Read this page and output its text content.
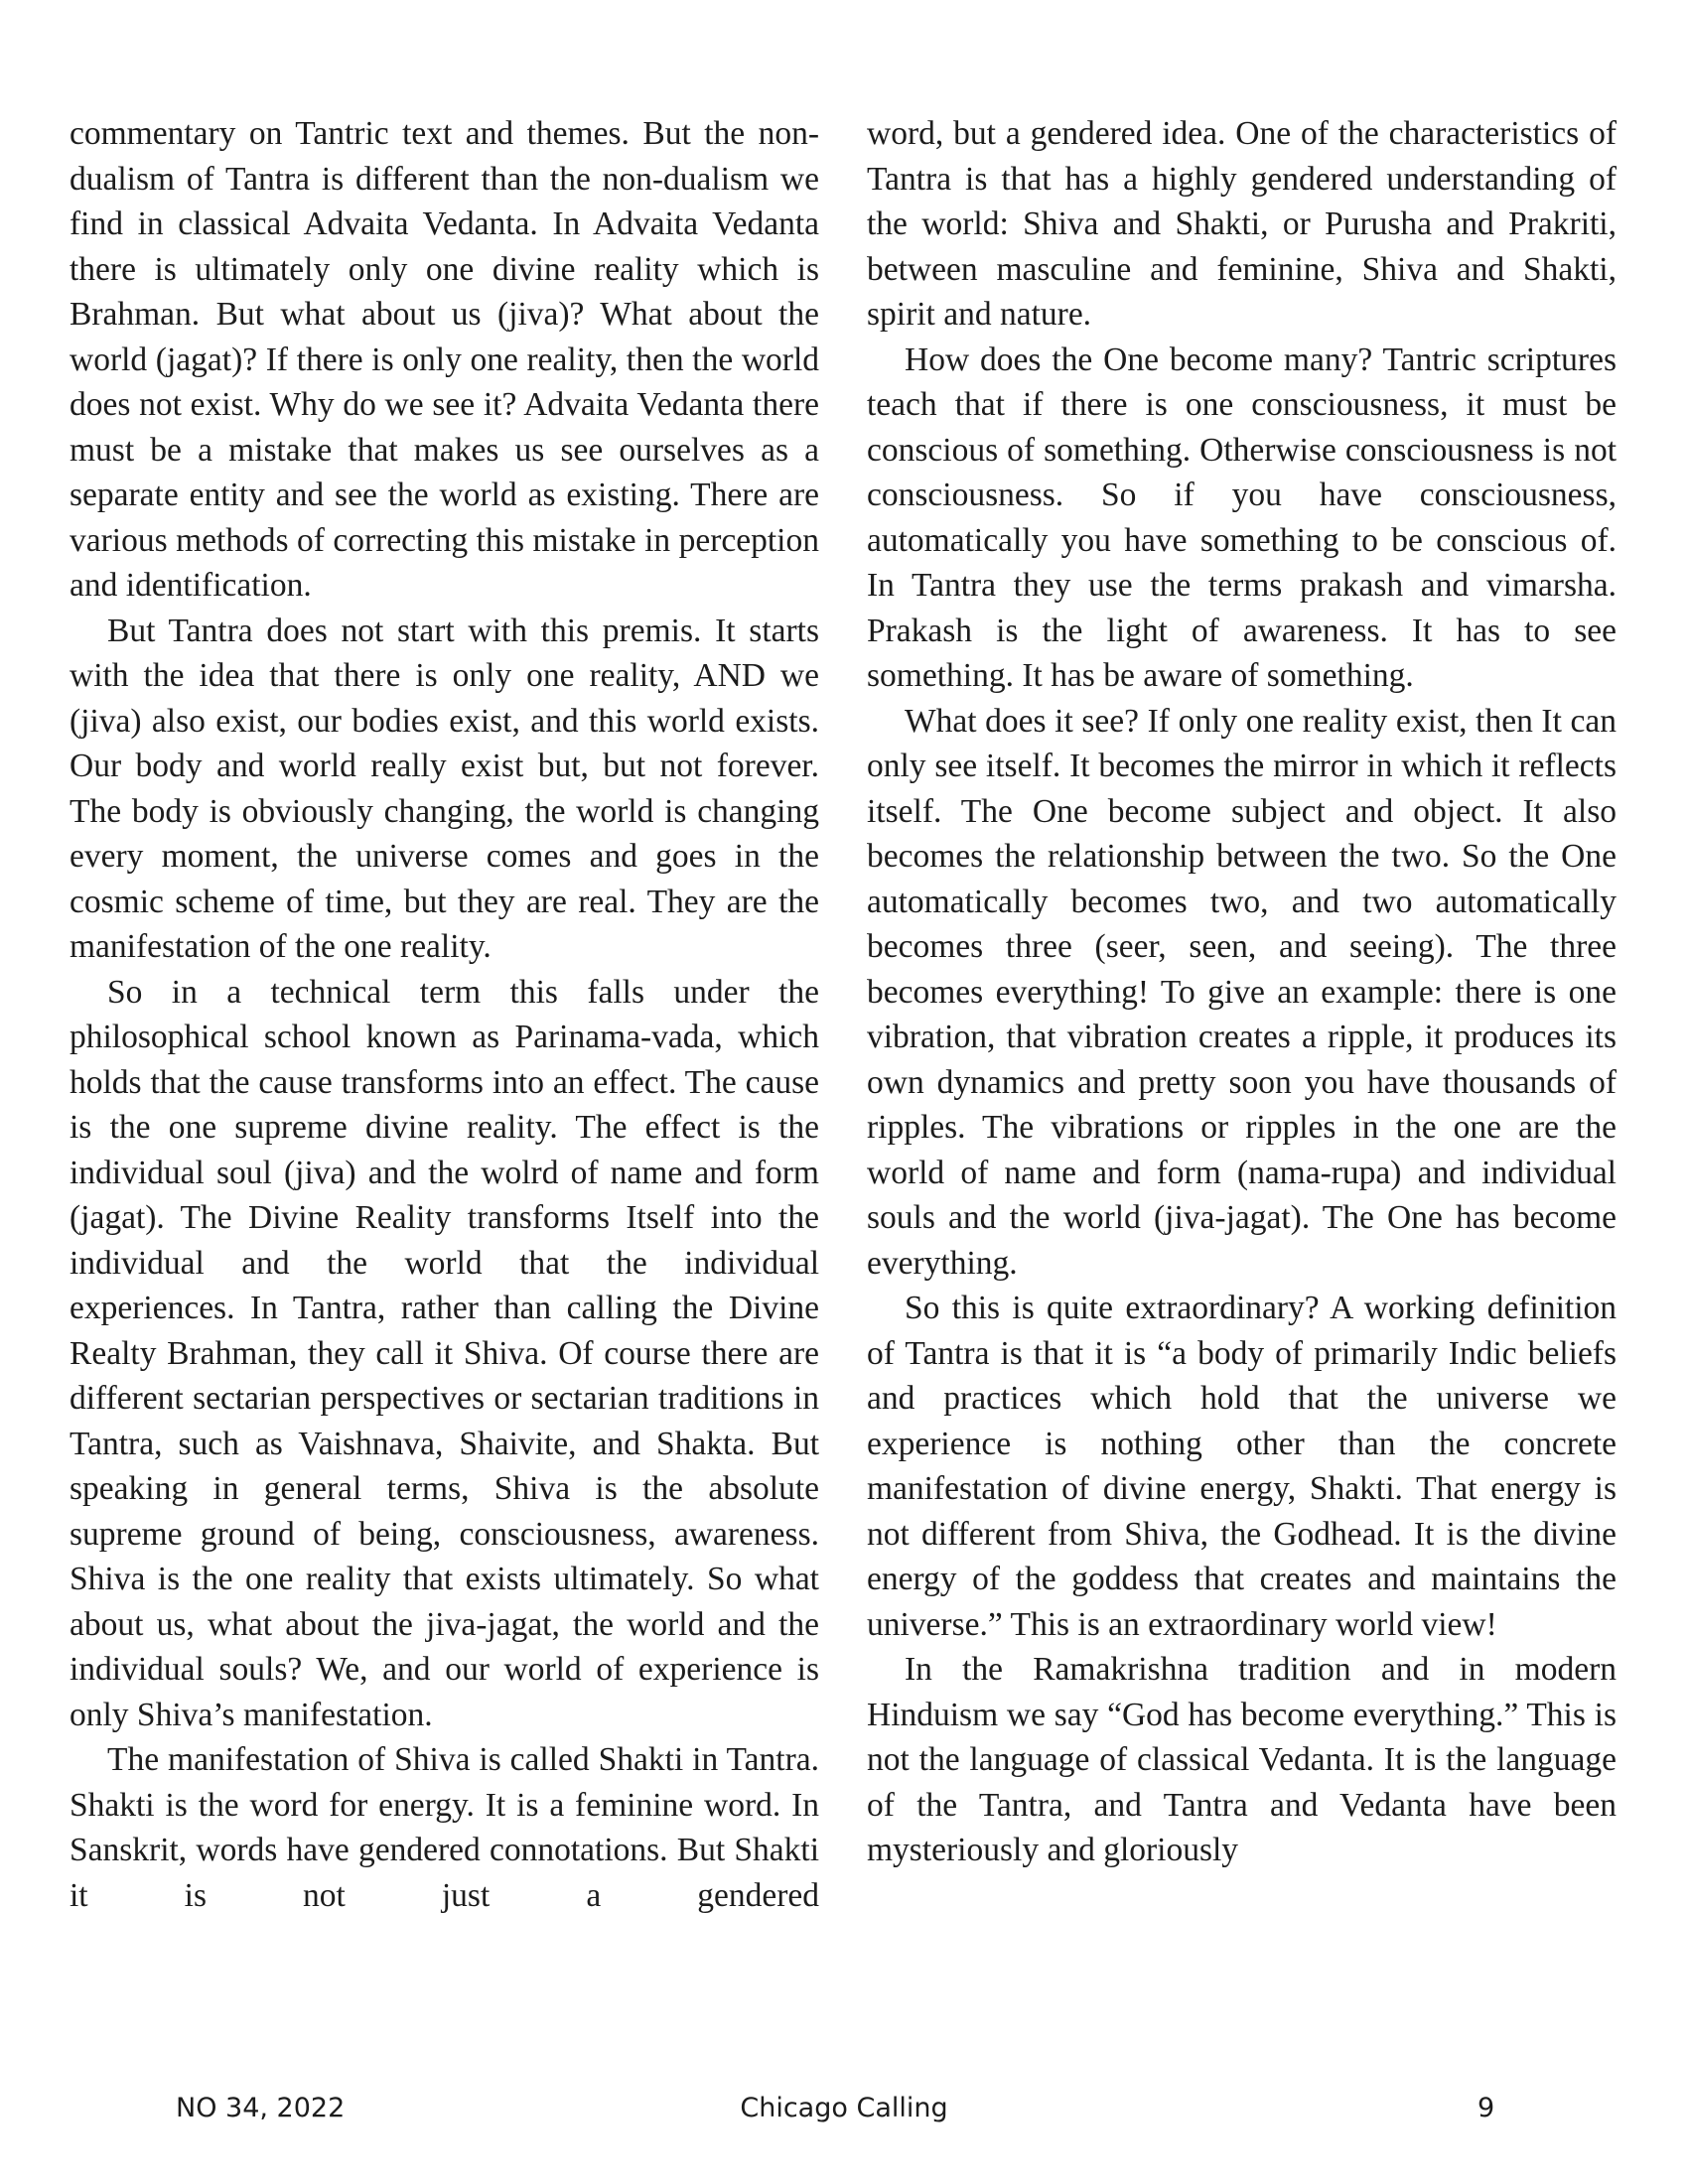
commentary on Tantric text and themes. But the non-dualism of Tantra is different than the non-dualism we find in classical Advaita Vedanta. In Advaita Vedanta there is ultimately only one divine reality which is Brahman. But what about us (jiva)? What about the world (jagat)? If there is only one reality, then the world does not exist. Why do we see it? Advaita Vedanta there must be a mistake that makes us see ourselves as a separate entity and see the world as existing. There are various methods of correcting this mistake in perception and identification.

But Tantra does not start with this premis. It starts with the idea that there is only one reality, AND we (jiva) also exist, our bodies exist, and this world exists. Our body and world really exist but, but not forever. The body is obviously changing, the world is changing every moment, the universe comes and goes in the cosmic scheme of time, but they are real. They are the manifestation of the one reality.

So in a technical term this falls under the philosophical school known as Parinama-vada, which holds that the cause transforms into an effect. The cause is the one supreme divine reality. The effect is the individual soul (jiva) and the wolrd of name and form (jagat). The Divine Reality transforms Itself into the individual and the world that the individual experiences. In Tantra, rather than calling the Divine Realty Brahman, they call it Shiva. Of course there are different sectarian perspectives or sectarian traditions in Tantra, such as Vaishnava, Shaivite, and Shakta. But speaking in general terms, Shiva is the absolute supreme ground of being, consciousness, awareness. Shiva is the one reality that exists ultimately. So what about us, what about the jiva-jagat, the world and the individual souls? We, and our world of experience is only Shiva’s manifestation.

The manifestation of Shiva is called Shakti in Tantra. Shakti is the word for energy. It is a feminine word. In Sanskrit, words have gendered connotations. But Shakti it is not just a gendered

word, but a gendered idea. One of the characteristics of Tantra is that has a highly gendered understanding of the world: Shiva and Shakti, or Purusha and Prakriti, between masculine and feminine, Shiva and Shakti, spirit and nature.

How does the One become many? Tantric scriptures teach that if there is one consciousness, it must be conscious of something. Otherwise consciousness is not consciousness. So if you have consciousness, automatically you have something to be conscious of. In Tantra they use the terms prakash and vimarsha. Prakash is the light of awareness. It has to see something. It has be aware of something.

What does it see? If only one reality exist, then It can only see itself. It becomes the mirror in which it reflects itself. The One become subject and object. It also becomes the relationship between the two. So the One automatically becomes two, and two automatically becomes three (seer, seen, and seeing). The three becomes everything! To give an example: there is one vibration, that vibration creates a ripple, it produces its own dynamics and pretty soon you have thousands of ripples. The vibrations or ripples in the one are the world of name and form (nama-rupa) and individual souls and the world (jiva-jagat). The One has become everything.

So this is quite extraordinary? A working definition of Tantra is that it is “a body of primarily Indic beliefs and practices which hold that the universe we experience is nothing other than the concrete manifestation of divine energy, Shakti. That energy is not different from Shiva, the Godhead. It is the divine energy of the goddess that creates and maintains the universe.” This is an extraordinary world view!

In the Ramakrishna tradition and in modern Hinduism we say “God has become everything.” This is not the language of classical Vedanta. It is the language of the Tantra, and Tantra and Vedanta have been mysteriously and gloriously

Chicago Calling
NO 34, 2022	9
